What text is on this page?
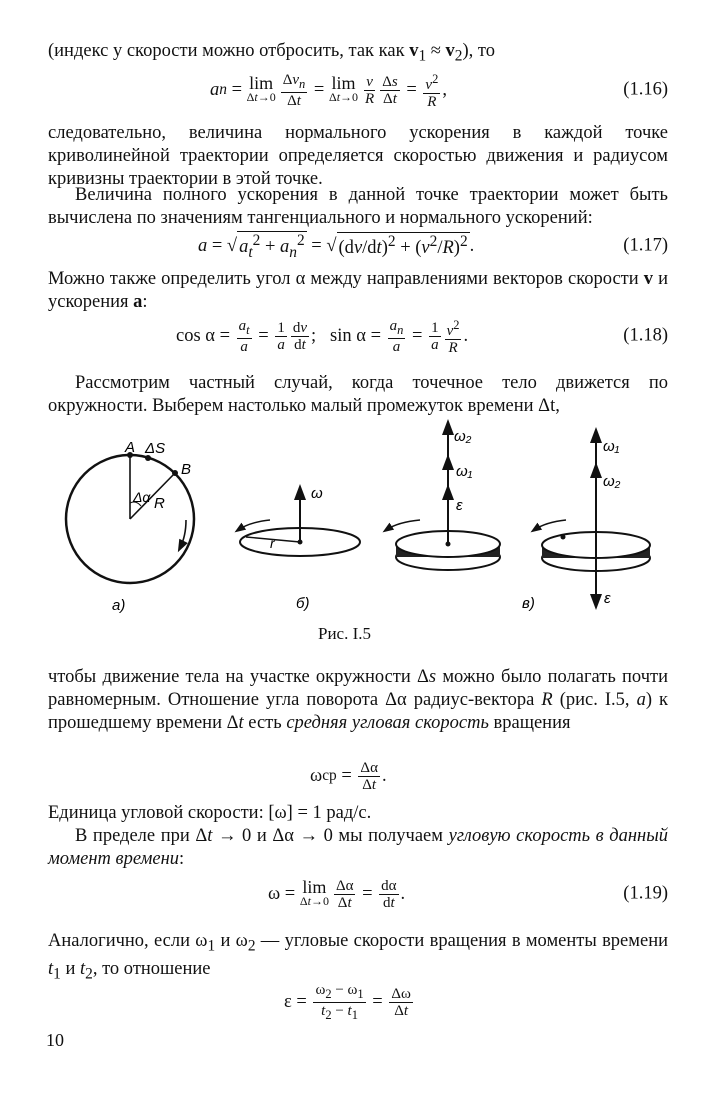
(индекс у скорости можно отбросить, так как $v_1 \approx v_2$), то

a n = lim
$\Delta t\to 0 \frac{\Delta v_n}{\Delta t} = \lim$
$\Delta t\to 0 \frac{v}{R} \frac{\Delta s}{\Delta t} = \frac{v^2}{R}$ ,	(1.16)

следовательно, величина нормального ускорения в каждой точке криволинейной траектории определяется скоростью движения и радиусом кривизны траектории в этой точке.

Величина полного ускорения в данной точке траектории может быть вычислена по значениям тангенциального и нормального ускорений:

a = √ $a_t^2 + a_n^2$ = √ $(dv/dt)^2 + (v^2/R)^2$ .	(1.17)

Можно также определить угол α между направлениями векторов скорости v и ускорения a:

$\cos \alpha = \frac{a_t}{a} = \frac{1}{a} \frac{dv}{dt}$ ;   $\sin \alpha = \frac{a_n}{a} = \frac{1}{a} \frac{v^2}{R}$ .	(1.18)

Рассмотрим частный случай, когда точечное тело движется по окружности. Выберем настолько малый промежуток времени Δt,

A ΔS
B
Δα R
а)
ω
r
б)
ω₂
ω₁
ε
в)
ω₁
ω₂
ε
Рис. I.5

чтобы движение тела на участке окружности Δs можно было полагать почти равномерным. Отношение угла поворота Δα радиус-вектора R (рис. I.5, a) к прошедшему времени Δt есть средняя угловая скорость вращения

ω ср = $\frac{\Delta\alpha}{\Delta t}$ .

Единица угловой скорости: [ω] = 1 рад/с.

В пределе при Δt → 0 и Δα → 0 мы получаем угловую скорость в данный момент времени:

ω = lim
$\Delta t\to 0 \frac{\Delta\alpha}{\Delta t} = \frac{d\alpha}{dt}$ .	(1.19)

Аналогично, если $\omega_1$ и $\omega_2$ — угловые скорости вращения в моменты времени $t_1$ и $t_2$, то отношение

$\varepsilon = \frac{\omega_2 - \omega_1}{t_2 - t_1} = \frac{\Delta\omega}{\Delta t}$
10
